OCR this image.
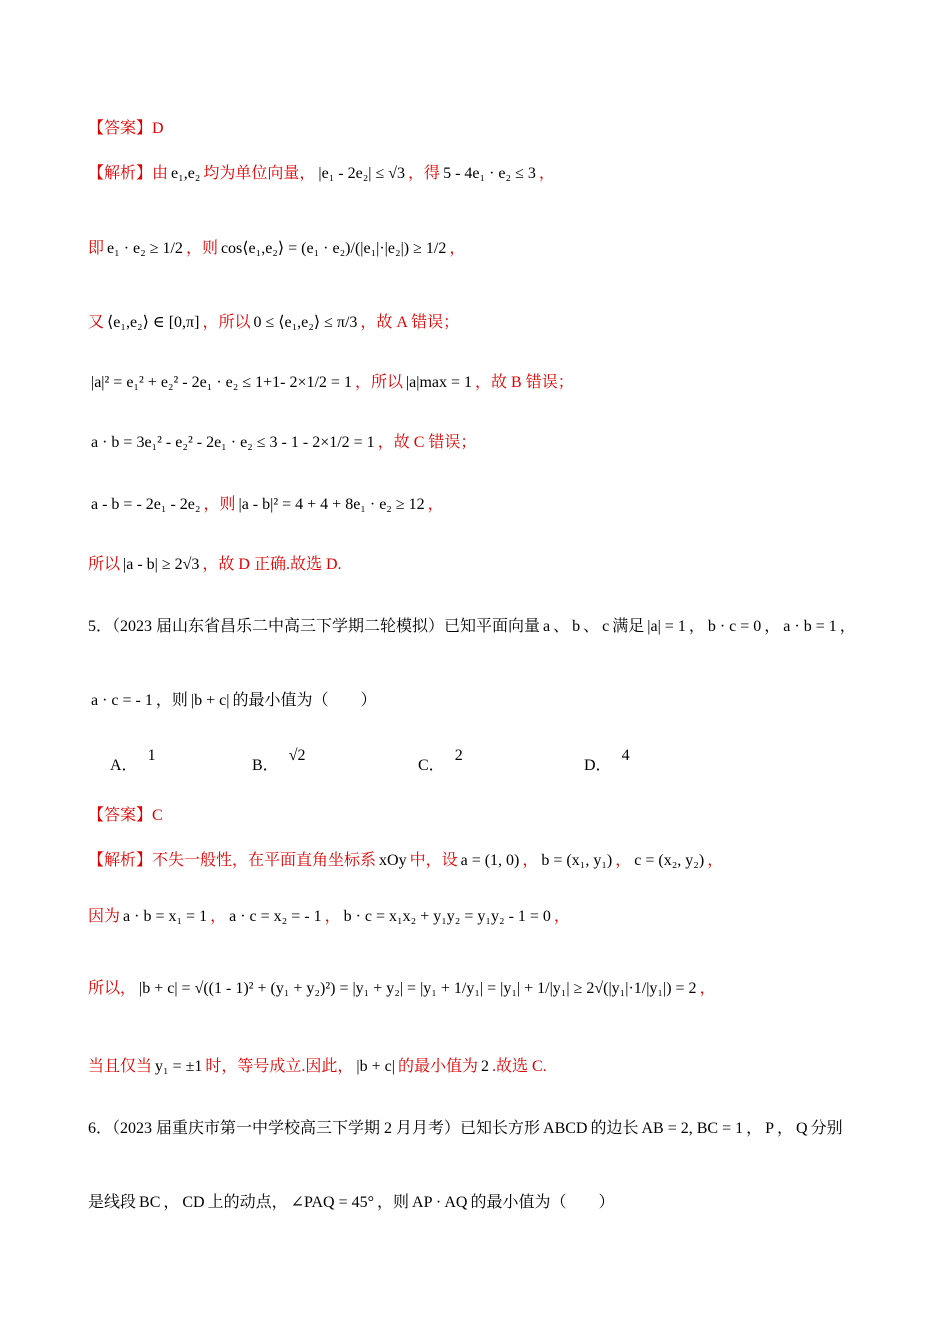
【答案】D
【解析】由 e₁,e₂ 均为单位向量， |e₁ - 2e₂| ≤ √3 ，得 5 - 4e₁ · e₂ ≤ 3 ，
即 e₁ · e₂ ≥ 1/2 ，则 cos⟨e₁,e₂⟩ = (e₁ · e₂)/(|e₁|·|e₂|) ≥ 1/2 ，
又 ⟨e₁,e₂⟩ ∈ [0,π] ，所以 0 ≤ ⟨e₁,e₂⟩ ≤ π/3 ，故 A 错误；
|a|² = e₁² + e₂² - 2e₁ · e₂ ≤ 1+1- 2×1/2 = 1 ，所以 |a|max = 1 ，故 B 错误；
a · b = 3e₁² - e₂² - 2e₁ · e₂ ≤ 3 - 1 - 2×1/2 = 1 ，故 C 错误；
a - b = - 2e₁ - 2e₂ ，则 |a - b|² = 4 + 4 + 8e₁ · e₂ ≥ 12 ，
所以 |a - b| ≥ 2√3 ，故 D 正确.故选 D.
5．（2023 届山东省昌乐二中高三下学期二轮模拟）已知平面向量 a 、 b 、 c 满足 |a| = 1 ， b · c = 0 ， a · b = 1 ，
a · c = - 1 ，则 |b + c| 的最小值为（　　）
【答案】C
【解析】不失一般性，在平面直角坐标系 xOy 中，设 a = (1, 0) ， b = (x₁, y₁) ， c = (x₂, y₂) ，
因为 a · b = x₁ = 1 ， a · c = x₂ = - 1 ， b · c = x₁x₂ + y₁y₂ = y₁y₂ - 1 = 0 ，
所以， |b + c| = √((1 - 1)² + (y₁ + y₂)²) = |y₁ + y₂| = |y₁ + 1/y₁| = |y₁| + 1/|y₁| ≥ 2√(|y₁|·1/|y₁|) = 2 ，
当且仅当 y₁ = ±1 时，等号成立.因此， |b + c| 的最小值为 2 .故选 C.
6．（2023 届重庆市第一中学校高三下学期 2 月月考）已知长方形 ABCD 的边长 AB = 2, BC = 1 ， P ， Q 分别
是线段 BC ， CD 上的动点， ∠PAQ = 45° ，则 AP · AQ 的最小值为（　　）
A．1
B．√2
C．2
D．4
